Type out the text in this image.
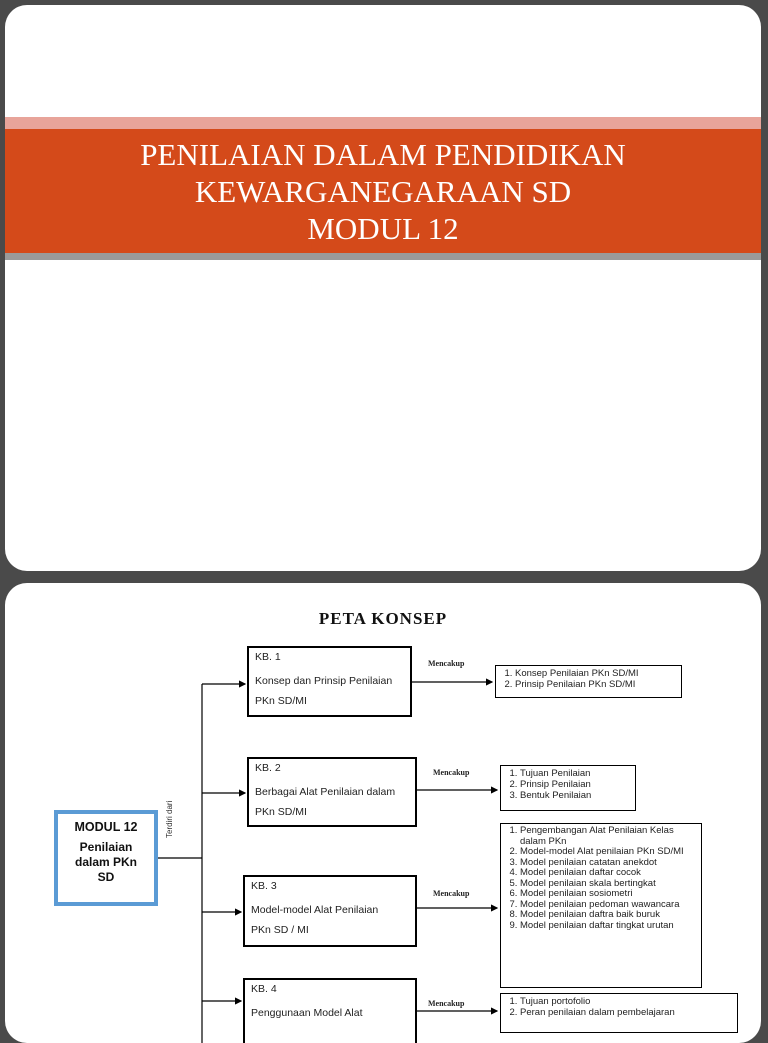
PENILAIAN DALAM PENDIDIKAN
KEWARGANEGARAAN SD
MODUL 12
PETA KONSEP
MODUL 12
Penilaian
dalam PKn
SD
Terdiri dari
KB. 1
Konsep dan Prinsip Penilaian
PKn SD/MI
Mencakup
1. Konsep Penilaian PKn SD/MI
2. Prinsip Penilaian PKn SD/MI
KB. 2
Berbagai Alat Penilaian dalam
PKn SD/MI
Mencakup	1. Tujuan Penilaian
2. Prinsip Penilaian
3. Bentuk Penilaian
KB. 3
Model-model Alat Penilaian
PKn SD / MI
Mencakup
1. Pengembangan Alat Penilaian Kelas dalam PKn
2. Model-model Alat penilaian PKn SD/MI
3. Model penilaian catatan anekdot
4. Model penilaian daftar cocok
5. Model penilaian skala bertingkat
6. Model penilaian sosiometri
7. Model penilaian pedoman wawancara
8. Model penilaian daftra baik buruk
9. Model penilaian daftar tingkat urutan
KB. 4
Penggunaan Model Alat
Mencakup	1. Tujuan portofolio
2. Peran penilaian dalam pembelajaran
